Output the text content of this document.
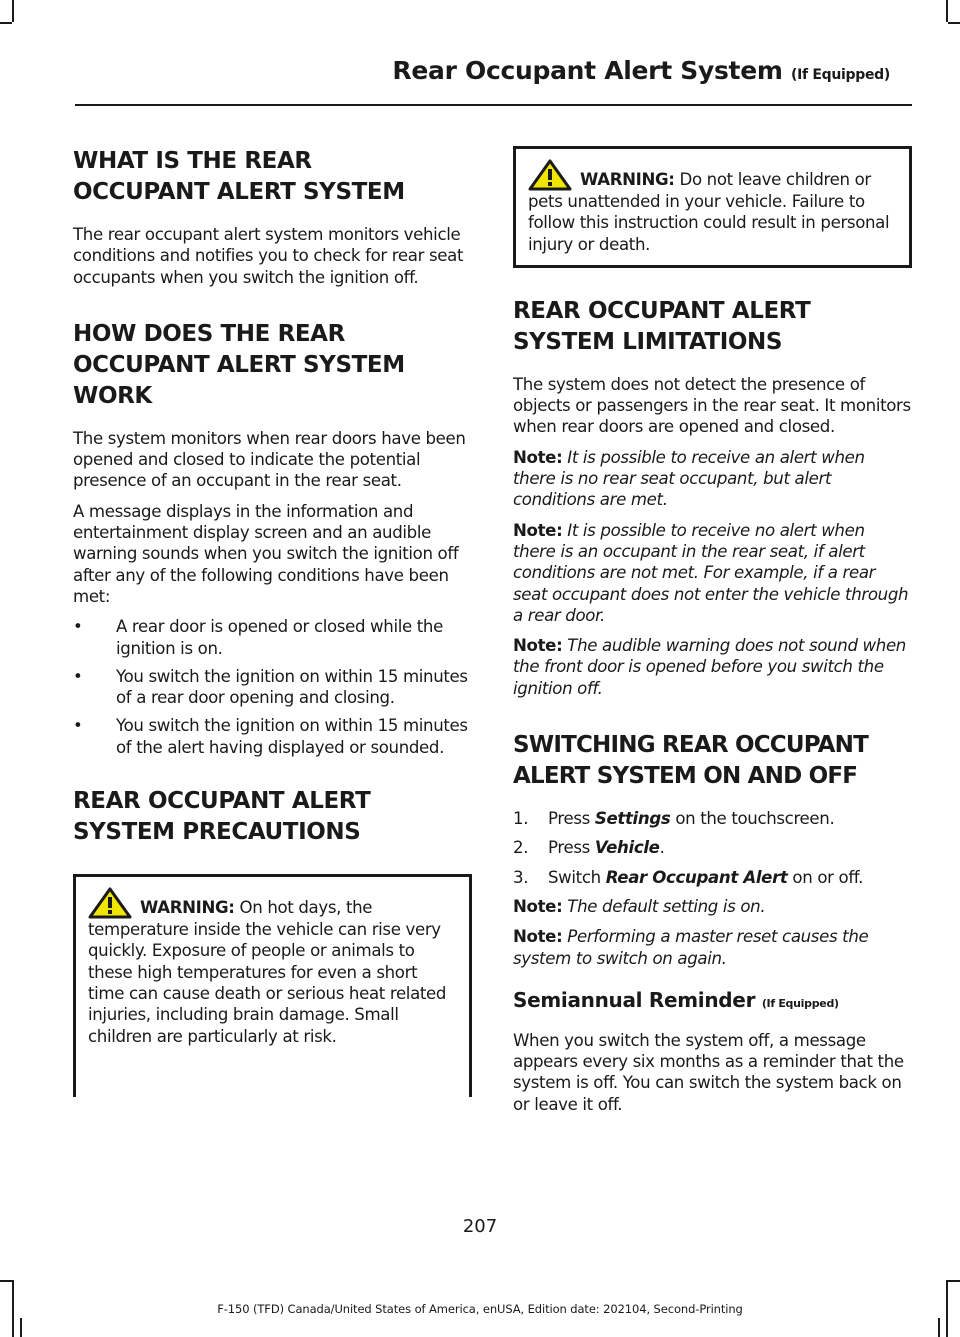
Rear Occupant Alert System (If Equipped)
WHAT IS THE REAR
OCCUPANT ALERT SYSTEM

The rear occupant alert system monitors vehicle conditions and notifies you to check for rear seat occupants when you switch the ignition off.

HOW DOES THE REAR
OCCUPANT ALERT SYSTEM
WORK

The system monitors when rear doors have been opened and closed to indicate the potential presence of an occupant in the rear seat.

A message displays in the information and entertainment display screen and an audible warning sounds when you switch the ignition off after any of the following conditions have been met:

• A rear door is opened or closed while the ignition is on.
• You switch the ignition on within 15 minutes of a rear door opening and closing.
• You switch the ignition on within 15 minutes of the alert having displayed or sounded.
REAR OCCUPANT ALERT
SYSTEM PRECAUTIONS

WARNING: On hot days, the temperature inside the vehicle can rise very quickly. Exposure of people or animals to these high temperatures for even a short time can cause death or serious heat related injuries, including brain damage. Small children are particularly at risk.

WARNING: Do not leave children or pets unattended in your vehicle. Failure to follow this instruction could result in personal injury or death.

REAR OCCUPANT ALERT
SYSTEM LIMITATIONS

The system does not detect the presence of objects or passengers in the rear seat. It monitors when rear doors are opened and closed.

Note: It is possible to receive an alert when there is no rear seat occupant, but alert conditions are met.

Note: It is possible to receive no alert when there is an occupant in the rear seat, if alert conditions are not met. For example, if a rear seat occupant does not enter the vehicle through a rear door.

Note: The audible warning does not sound when the front door is opened before you switch the ignition off.

SWITCHING REAR OCCUPANT
ALERT SYSTEM ON AND OFF
1. Press Settings on the touchscreen.
2. Press Vehicle.
3. Switch Rear Occupant Alert on or off.

Note: The default setting is on.

Note: Performing a master reset causes the system to switch on again.

Semiannual Reminder (If Equipped)

When you switch the system off, a message appears every six months as a reminder that the system is off. You can switch the system back on or leave it off.

207
F-150 (TFD) Canada/United States of America, enUSA, Edition date: 202104, Second-Printing
